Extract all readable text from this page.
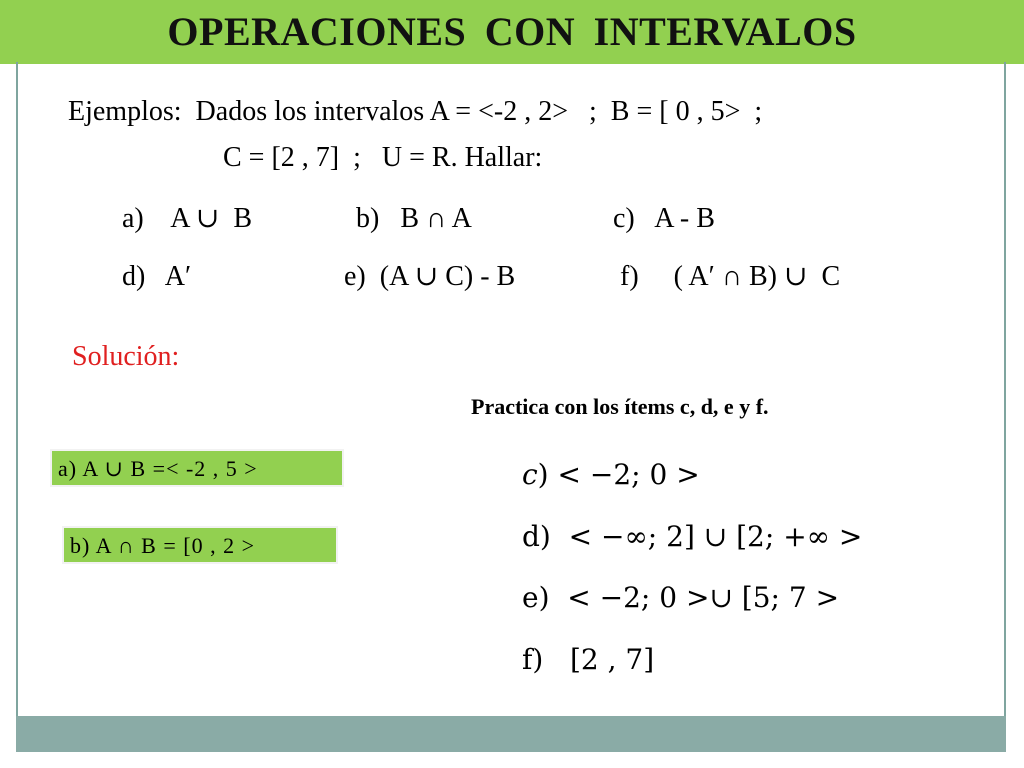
OPERACIONES CON INTERVALOS
Ejemplos:  Dados los intervalos A = <-2 , 2>   ;  B = [ 0 , 5>  ;
C = [2 , 7]  ;   U = R. Hallar:
a)    A ∪  B	b)   B ∩ A	c)   A - B
d)   A′	e)  (A ∪ C) - B	f)     ( A′ ∩ B) ∪  C
Solución:
Practica con los ítems c, d, e y f.
a) A ∪ B =< -2 , 5 >
b) A ∩ B = [0 , 2 >
𝑐) < −2; 0 >
d)  < −∞; 2] ∪ [2; +∞ >
e)  < −2; 0 >∪ [5; 7 >
f)   [2 , 7]
